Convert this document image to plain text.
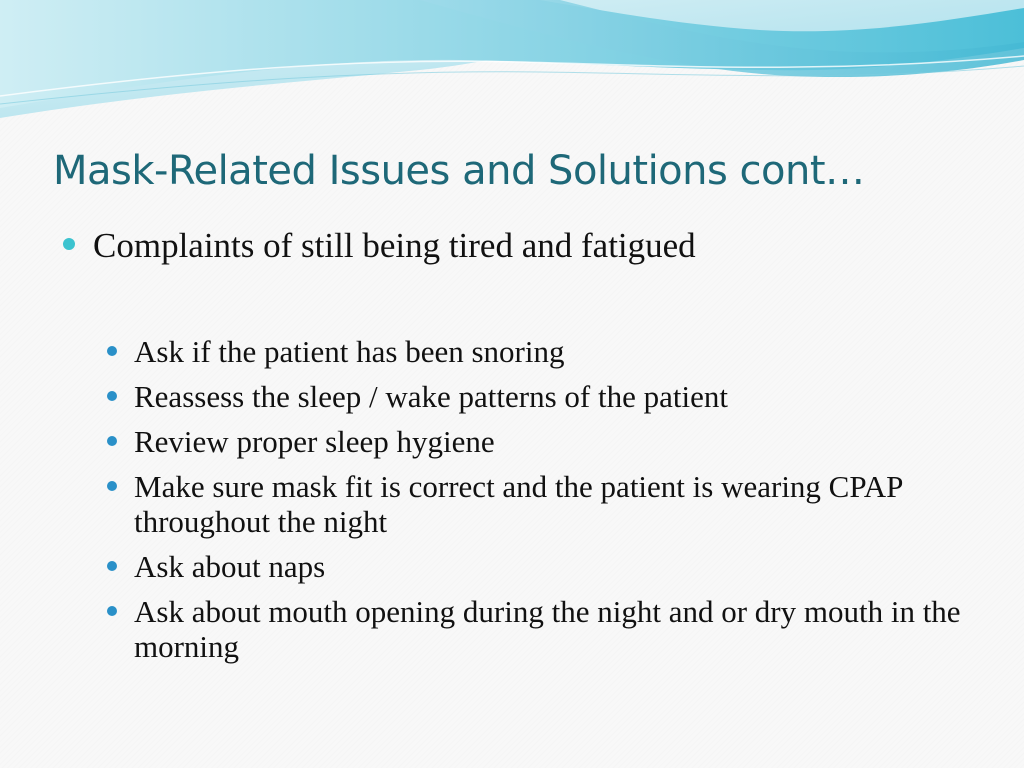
Mask-Related Issues and Solutions cont…
Complaints of still being tired and fatigued
Ask if the patient has been snoring
Reassess the sleep / wake patterns of the patient
Review proper sleep hygiene
Make sure mask fit is correct and the patient is wearing CPAP throughout the night
Ask about naps
Ask about mouth opening during the night and or dry mouth in the morning
